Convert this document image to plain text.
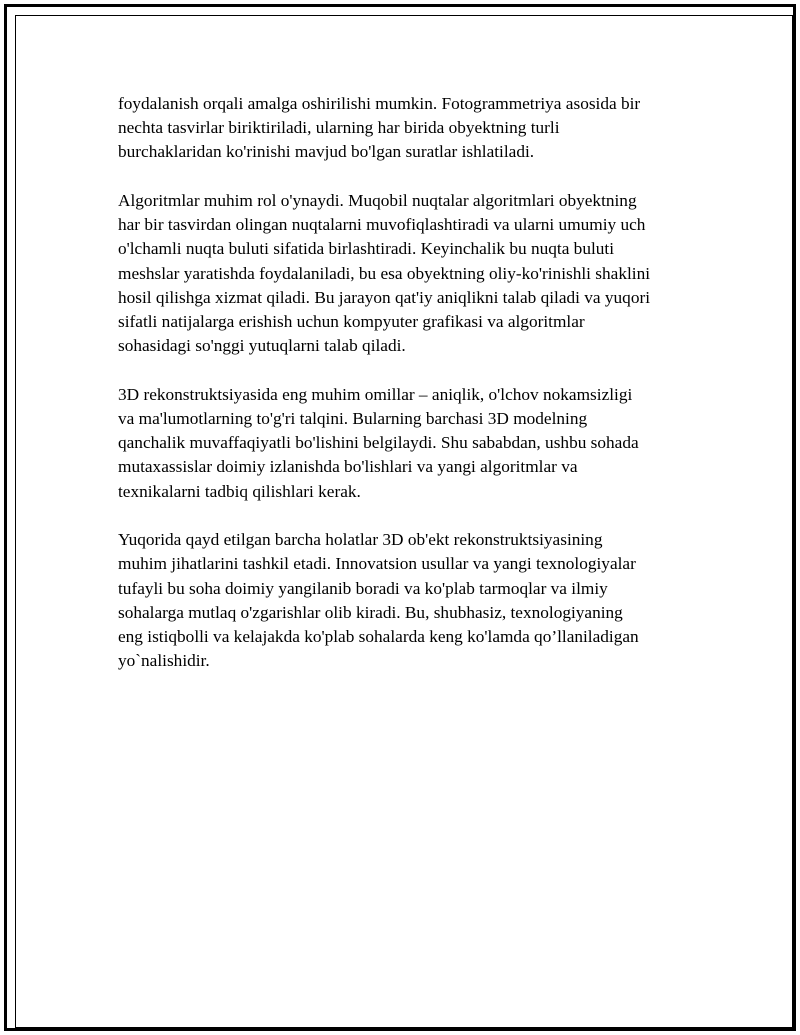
foydalanish orqali amalga oshirilishi mumkin. Fotogrammetriya asosida bir
nechta tasvirlar biriktiriladi, ularning har birida obyektning turli
burchaklaridan ko'rinishi mavjud bo'lgan suratlar ishlatiladi.

Algoritmlar muhim rol o'ynaydi. Muqobil nuqtalar algoritmlari obyektning
har bir tasvirdan olingan nuqtalarni muvofiqlashtiradi va ularni umumiy uch
o'lchamli nuqta buluti sifatida birlashtiradi. Keyinchalik bu nuqta buluti
meshslar yaratishda foydalaniladi, bu esa obyektning oliy-ko'rinishli shaklini
hosil qilishga xizmat qiladi. Bu jarayon qat'iy aniqlikni talab qiladi va yuqori
sifatli natijalarga erishish uchun kompyuter grafikasi va algoritmlar
sohasidagi so'nggi yutuqlarni talab qiladi.

3D rekonstruktsiyasida eng muhim omillar – aniqlik, o'lchov nokamsizligi
va ma'lumotlarning to'g'ri talqini. Bularning barchasi 3D modelning
qanchalik muvaffaqiyatli bo'lishini belgilaydi. Shu sababdan, ushbu sohada
mutaxassislar doimiy izlanishda bo'lishlari va yangi algoritmlar va
texnikalarni tadbiq qilishlari kerak.

Yuqorida qayd etilgan barcha holatlar 3D ob'ekt rekonstruktsiyasining
muhim jihatlarini tashkil etadi. Innovatsion usullar va yangi texnologiyalar
tufayli bu soha doimiy yangilanib boradi va ko'plab tarmoqlar va ilmiy
sohalarga mutlaq o'zgarishlar olib kiradi. Bu, shubhasiz, texnologiyaning
eng istiqbolli va kelajakda ko'plab sohalarda keng ko'lamda qo’llaniladigan
yo`nalishidir.
